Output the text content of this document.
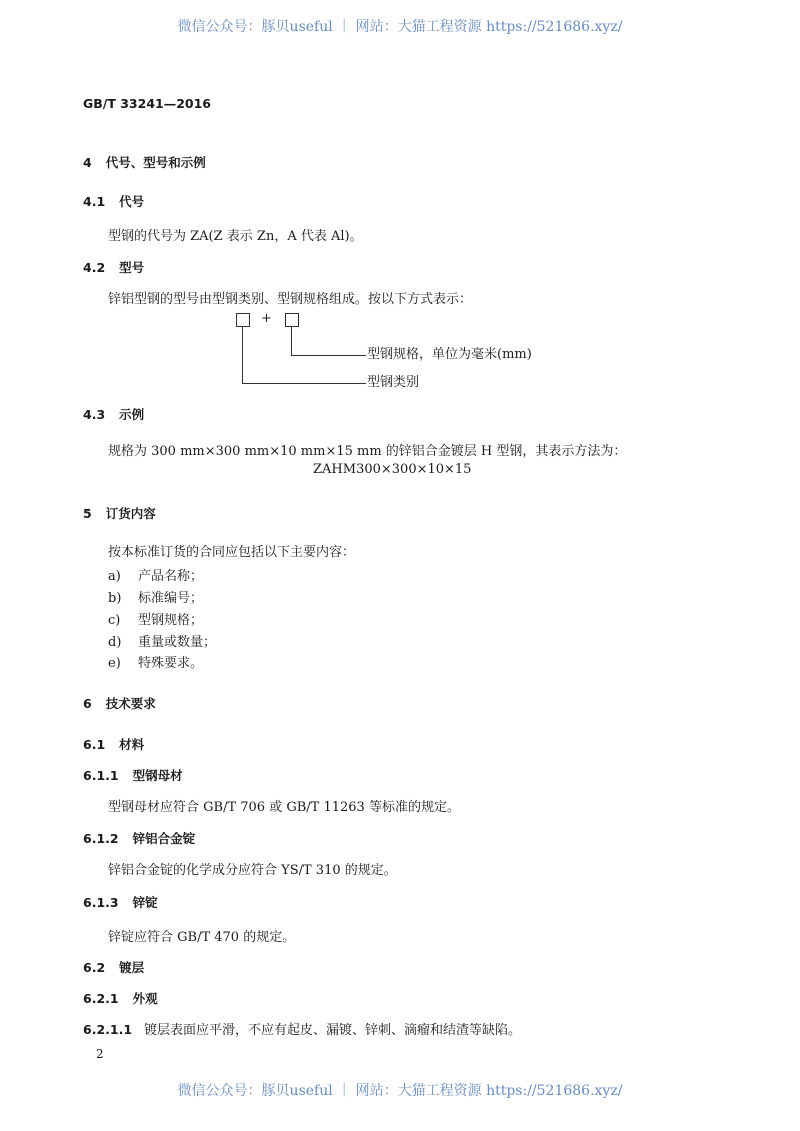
微信公众号：豚贝useful ｜ 网站：大猫工程资源 https://521686.xyz/
GB/T 33241—2016
4 代号、型号和示例
4.1 代号
型钢的代号为 ZA(Z 表示 Zn，A 代表 Al)。
4.2 型号
锌铝型钢的型号由型钢类别、型钢规格组成。按以下方式表示：
+
型钢规格，单位为毫米(mm)
型钢类别
4.3 示例
规格为 300 mm×300 mm×10 mm×15 mm 的锌铝合金镀层 H 型钢，其表示方法为：
ZAHM300×300×10×15
5 订货内容
按本标准订货的合同应包括以下主要内容：
a) 产品名称；
b) 标准编号；
c) 型钢规格；
d) 重量或数量；
e) 特殊要求。
6 技术要求
6.1 材料
6.1.1 型钢母材
型钢母材应符合 GB/T 706 或 GB/T 11263 等标准的规定。
6.1.2 锌铝合金锭
锌铝合金锭的化学成分应符合 YS/T 310 的规定。
6.1.3 锌锭
锌锭应符合 GB/T 470 的规定。
6.2 镀层
6.2.1 外观
6.2.1.1 镀层表面应平滑，不应有起皮、漏镀、锌刺、滴瘤和结渣等缺陷。
2
微信公众号：豚贝useful ｜ 网站：大猫工程资源 https://521686.xyz/
